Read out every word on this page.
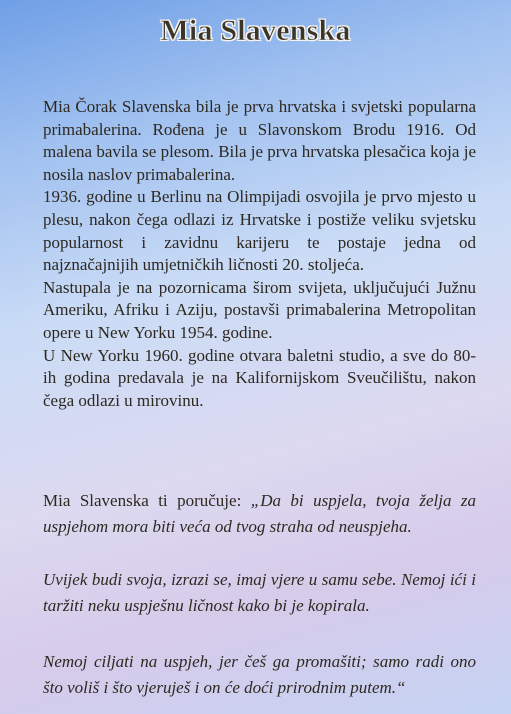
Mia Slavenska

Mia Čorak Slavenska bila je prva hrvatska i svjetski popularna primabalerina. Rođena je u Slavonskom Brodu 1916. Od malena bavila se plesom. Bila je prva hrvatska plesačica koja je nosila naslov primabalerina.

1936. godine u Berlinu na Olimpijadi osvojila je prvo mjesto u plesu, nakon čega odlazi iz Hrvatske i postiže veliku svjetsku popularnost i zavidnu karijeru te postaje jedna od najznačajnijih umjetničkih ličnosti 20. stoljeća.

Nastupala je na pozornicama širom svijeta, uključujući Južnu Ameriku, Afriku i Aziju, postavši primabalerina Metropolitan opere u New Yorku 1954. godine.

U New Yorku 1960. godine otvara baletni studio, a sve do 80-ih godina predavala je na Kalifornijskom Sveučilištu, nakon čega odlazi u mirovinu.

Mia Slavenska ti poručuje: „Da bi uspjela, tvoja želja za uspjehom mora biti veća od tvog straha od neuspjeha.
Uvijek budi svoja, izrazi se, imaj vjere u samu sebe. Nemoj ići i taržiti neku uspješnu ličnost kako bi je kopirala.
Nemoj ciljati na uspjeh, jer češ ga promašiti; samo radi ono što voliš i što vjeruješ i on će doći prirodnim putem.“
